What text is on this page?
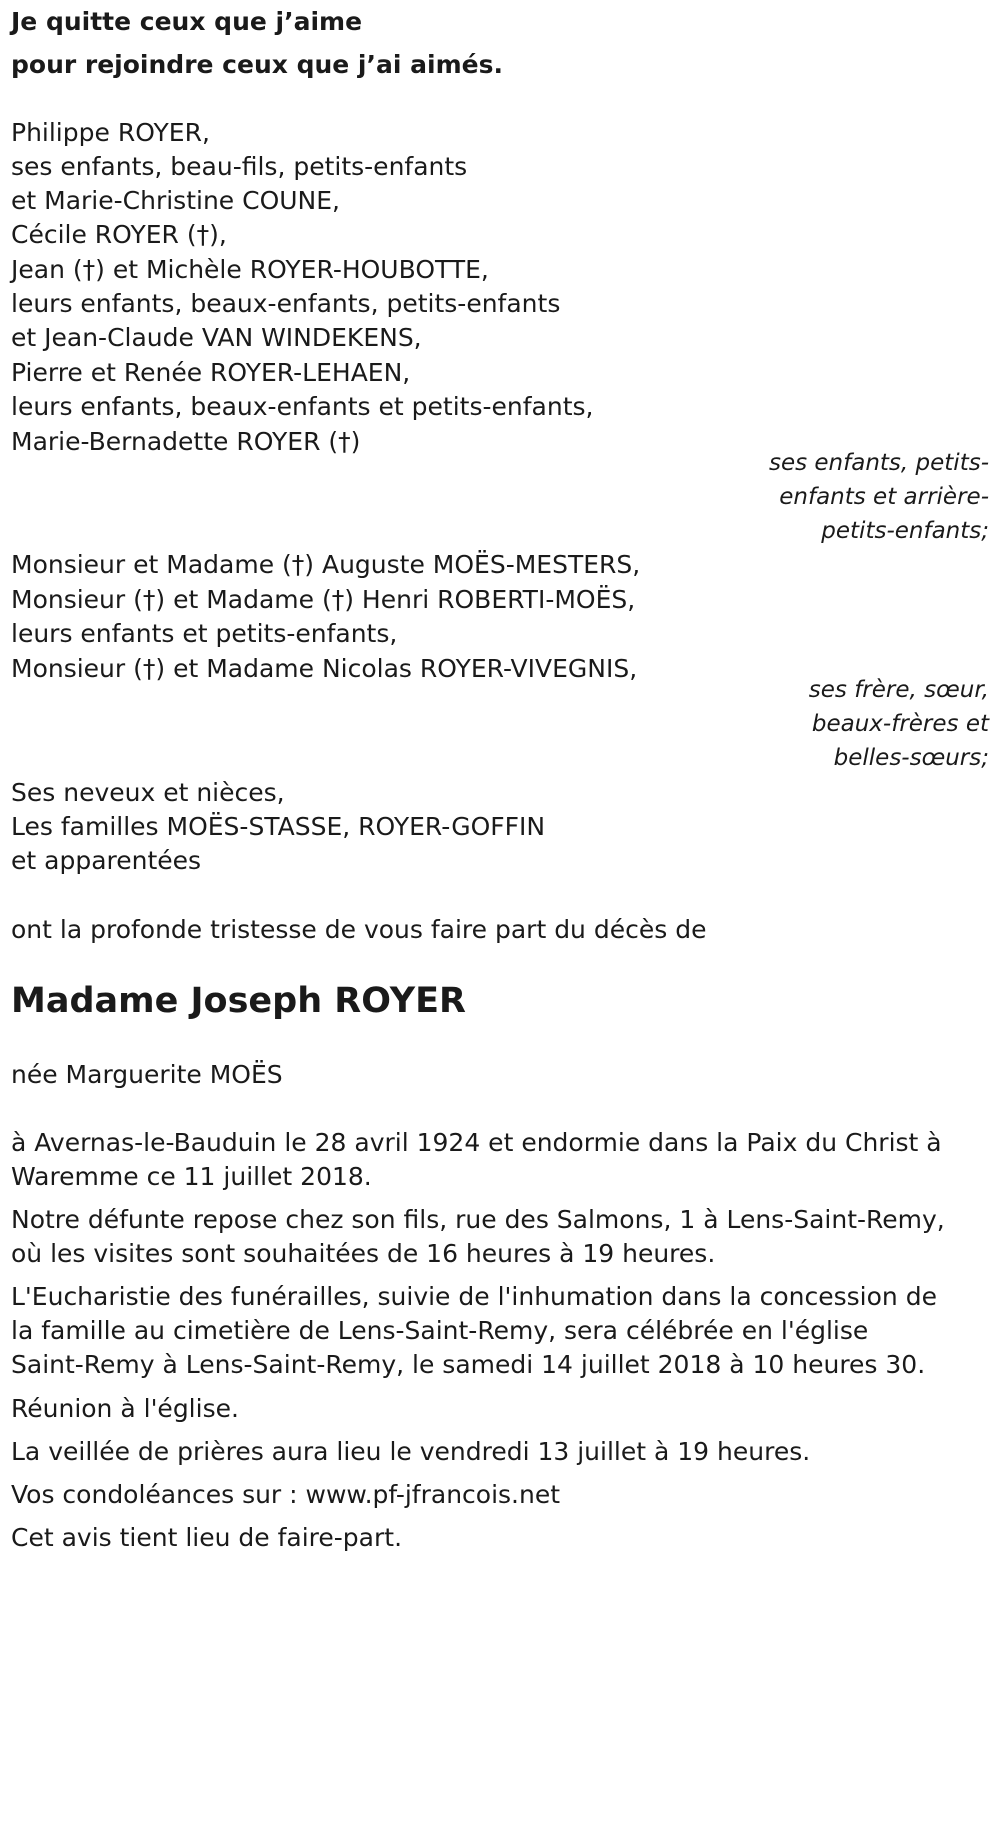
Je quitte ceux que j’aime
pour rejoindre ceux que j’ai aimés.
Philippe ROYER,
ses enfants, beau-fils, petits-enfants
et Marie-Christine COUNE,
Cécile ROYER (†),
Jean (†) et Michèle ROYER-HOUBOTTE,
leurs enfants, beaux-enfants, petits-enfants
et Jean-Claude VAN WINDEKENS,
Pierre et Renée ROYER-LEHAEN,
leurs enfants, beaux-enfants et petits-enfants,
Marie-Bernadette ROYER (†)
ses enfants, petits-
enfants et arrière-
petits-enfants;
Monsieur et Madame (†) Auguste MOËS-MESTERS,
Monsieur (†) et Madame (†) Henri ROBERTI-MOËS,
leurs enfants et petits-enfants,
Monsieur (†) et Madame Nicolas ROYER-VIVEGNIS,
ses frère, sœur,
beaux-frères et
belles-sœurs;
Ses neveux et nièces,
Les familles MOËS-STASSE, ROYER-GOFFIN
et apparentées
ont la profonde tristesse de vous faire part du décès de
Madame Joseph ROYER
née Marguerite MOËS
à Avernas-le-Bauduin le 28 avril 1924 et endormie dans la Paix du Christ à
Waremme ce 11 juillet 2018.
Notre défunte repose chez son fils, rue des Salmons, 1 à Lens-Saint-Remy,
où les visites sont souhaitées de 16 heures à 19 heures.
L'Eucharistie des funérailles, suivie de l'inhumation dans la concession de
la famille au cimetière de Lens-Saint-Remy, sera célébrée en l'église
Saint-Remy à Lens-Saint-Remy, le samedi 14 juillet 2018 à 10 heures 30.
Réunion à l'église.
La veillée de prières aura lieu le vendredi 13 juillet à 19 heures.
Vos condoléances sur : www.pf-jfrancois.net
Cet avis tient lieu de faire-part.
